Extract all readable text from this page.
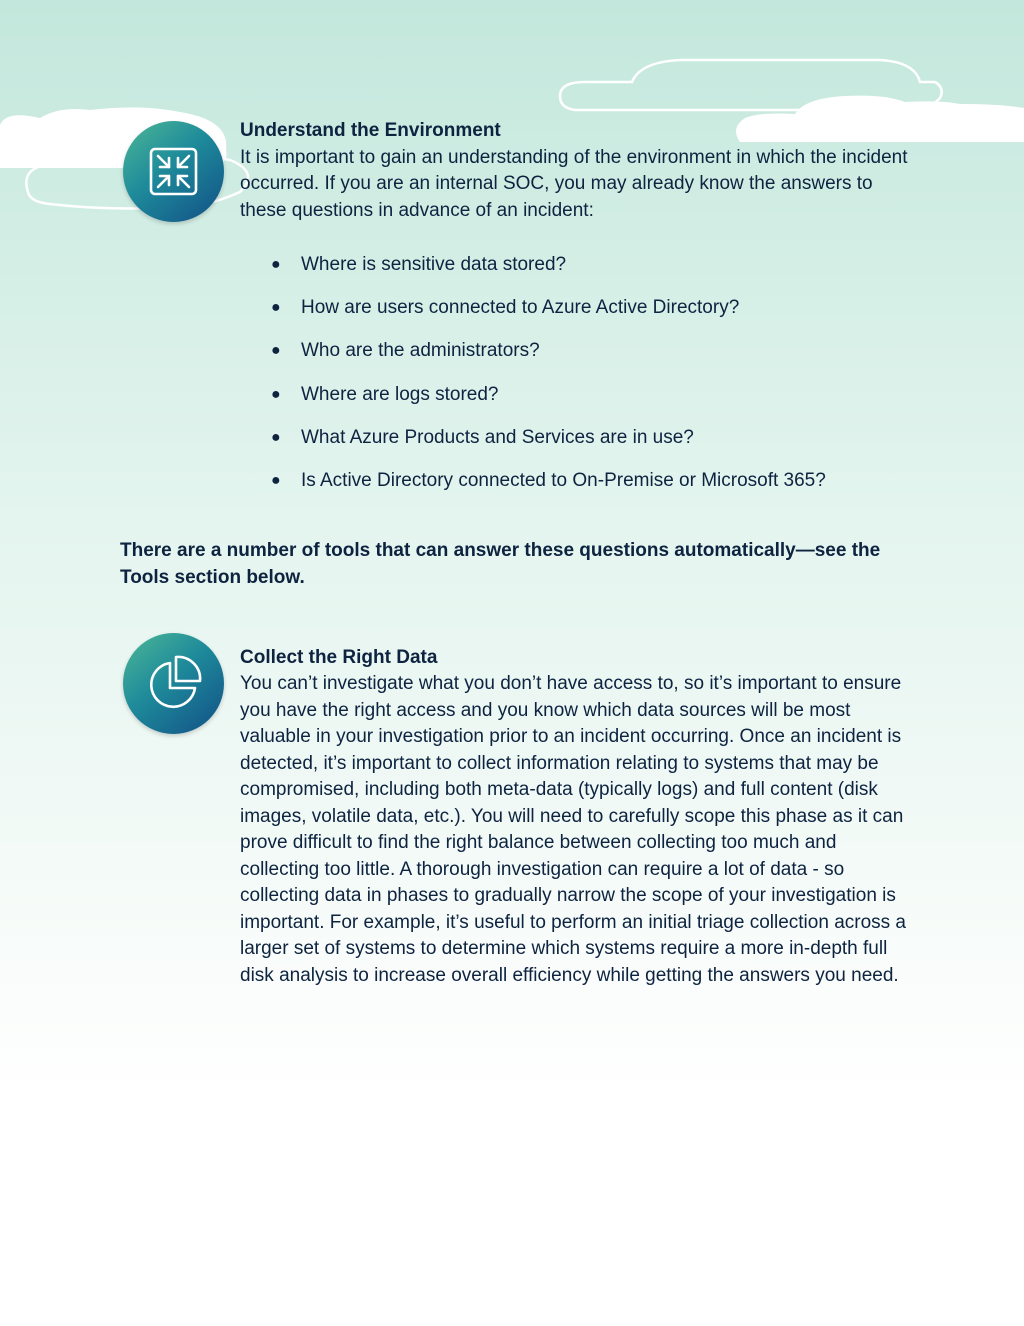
Understand the Environment

It is important to gain an understanding of the environment in which the incident occurred. If you are an internal SOC, you may already know the answers to these questions in advance of an incident:

● Where is sensitive data stored?
● How are users connected to Azure Active Directory?
● Who are the administrators?
● Where are logs stored?
● What Azure Products and Services are in use?
● Is Active Directory connected to On-Premise or Microsoft 365?

There are a number of tools that can answer these questions automatically—see the Tools section below.

Collect the Right Data

You can’t investigate what you don’t have access to, so it’s important to ensure you have the right access and you know which data sources will be most valuable in your investigation prior to an incident occurring. Once an incident is detected, it’s important to collect information relating to systems that may be compromised, including both meta-data (typically logs) and full content (disk images, volatile data, etc.). You will need to carefully scope this phase as it can prove difficult to find the right balance between collecting too much and collecting too little. A thorough investigation can require a lot of data - so collecting data in phases to gradually narrow the scope of your investigation is important. For example, it’s useful to perform an initial triage collection across a larger set of systems to determine which systems require a more in-depth full disk analysis to increase overall efficiency while getting the answers you need.
